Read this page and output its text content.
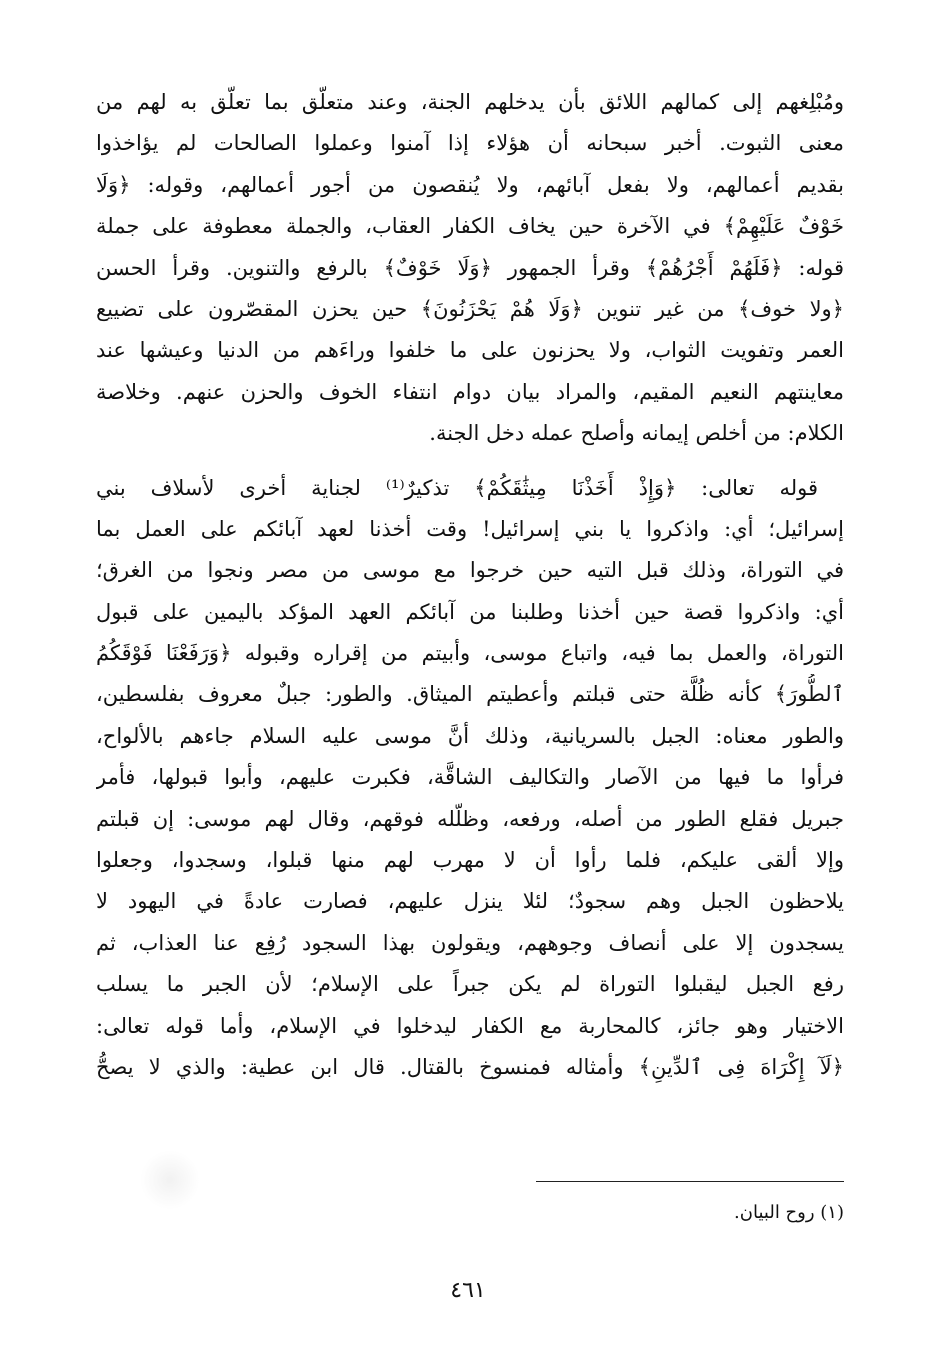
ومُبْلِغهم إلى كمالهم اللائق بأن يدخلهم الجنة، وعند متعلّق بما تعلّق به لهم من
معنى الثبوت. أخبر سبحانه أن هؤلاء إذا آمنوا وعملوا الصالحات لم يؤاخذوا
بقديم أعمالهم، ولا بفعل آبائهم، ولا يُنقصون من أجور أعمالهم، وقوله: ﴿وَلَا
خَوْفٌ عَلَيْهِمْ﴾ في الآخرة حين يخاف الكفار العقاب، والجملة معطوفة على جملة
قوله: ﴿فَلَهُمْ أَجْرُهُمْ﴾ وقرأ الجمهور ﴿وَلَا خَوْفٌ﴾ بالرفع والتنوين. وقرأ الحسن
﴿ولا خوف﴾ من غير تنوين ﴿وَلَا هُمْ يَحْزَنُونَ﴾ حين يحزن المقصّرون على تضييع
العمر وتفويت الثواب، ولا يحزنون على ما خلفوا وراءَهم من الدنيا وعيشها عند
معاينتهم النعيم المقيم، والمراد بيان دوام انتفاء الخوف والحزن عنهم. وخلاصة
الكلام: من أخلص إيمانه وأصلح عمله دخل الجنة.
قوله تعالى: ﴿وَإِذْ أَخَذْنَا مِيثَٰقَكُمْ﴾ تذكيرٌ⁽¹⁾ لجناية أخرى لأسلاف بني
إسرائيل؛ أي: واذكروا يا بني إسرائيل! وقت أخذنا لعهد آبائكم على العمل بما
في التوراة، وذلك قبل التيه حين خرجوا مع موسى من مصر ونجوا من الغرق؛
أي: واذكروا قصة حين أخذنا وطلبنا من آبائكم العهد المؤكد باليمين على قبول
التوراة، والعمل بما فيه، واتباع موسى، وأبيتم من إقراره وقبوله ﴿وَرَفَعْنَا فَوْقَكُمُ
ٱلطُّورَ﴾ كأنه ظُلَّة حتى قبلتم وأعطيتم الميثاق. والطور: جبلٌ معروف بفلسطين،
والطور معناه: الجبل بالسريانية، وذلك أنَّ موسى عليه السلام جاءهم بالألواح،
فرأوا ما فيها من الآصار والتكاليف الشاقَّة، فكبرت عليهم، وأبوا قبولها، فأمر
جبريل فقلع الطور من أصله، ورفعه، وظلّله فوقهم، وقال لهم موسى: إن قبلتم
وإلا ألقى عليكم، فلما رأوا أن لا مهرب لهم منها قبلوا، وسجدوا، وجعلوا
يلاحظون الجبل وهم سجودٌ؛ لئلا ينزل عليهم، فصارت عادةً في اليهود لا
يسجدون إلا على أنصاف وجوههم، ويقولون بهذا السجود رُفِع عنا العذاب، ثم
رفع الجبل ليقبلوا التوراة لم يكن جبراً على الإسلام؛ لأن الجبر ما يسلب
الاختيار وهو جائز، كالمحاربة مع الكفار ليدخلوا في الإسلام، وأما قوله تعالى:
﴿لَآ إِكْرَاهَ فِى ٱلدِّينِ﴾ وأمثاله فمنسوخ بالقتال. قال ابن عطية: والذي لا يصحُّ
(١) روح البيان.
٤٦١
